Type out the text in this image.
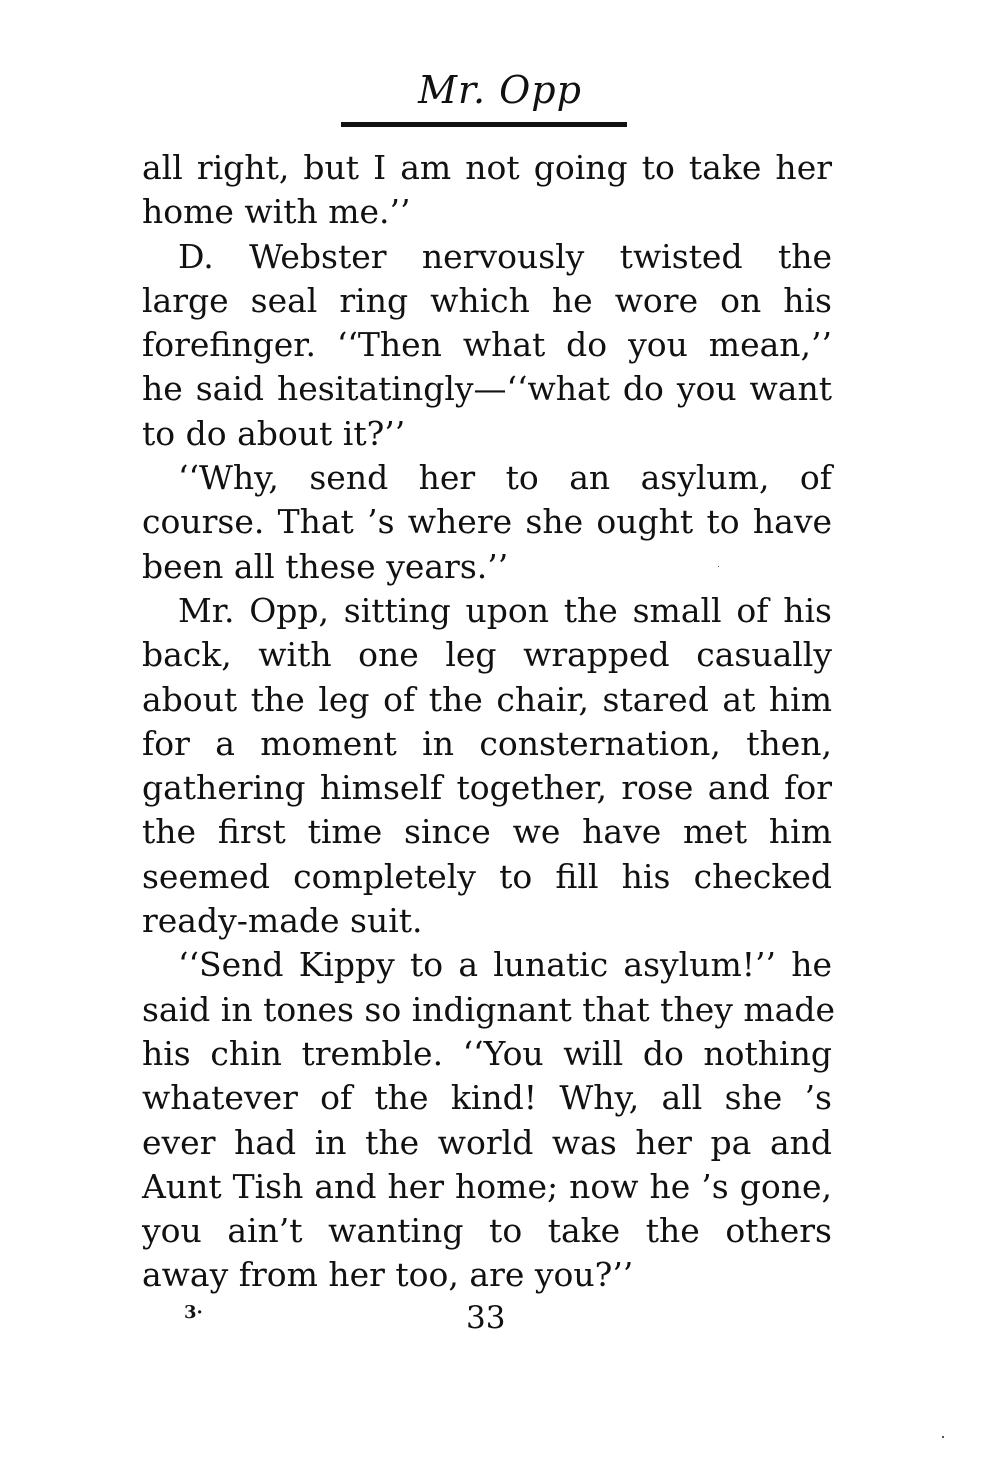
Mr. Opp
all right, but I am not going to take her
home with me.’’
D. Webster nervously twisted the
large seal ring which he wore on his
forefinger. ‘‘Then what do you mean,’’
he said hesitatingly—‘‘what do you want
to do about it?’’
‘‘Why, send her to an asylum, of
course. That ’s where she ought to have
been all these years.’’
Mr. Opp, sitting upon the small of his
back, with one leg wrapped casually
about the leg of the chair, stared at him
for a moment in consternation, then,
gathering himself together, rose and for
the first time since we have met him
seemed completely to fill his checked
ready-made suit.
‘‘Send Kippy to a lunatic asylum!’’ he
said in tones so indignant that they made
his chin tremble. ‘‘You will do nothing
whatever of the kind! Why, all she ’s
ever had in the world was her pa and
Aunt Tish and her home; now he ’s gone,
you ain’t wanting to take the others
away from her too, are you?’’
3·	33
